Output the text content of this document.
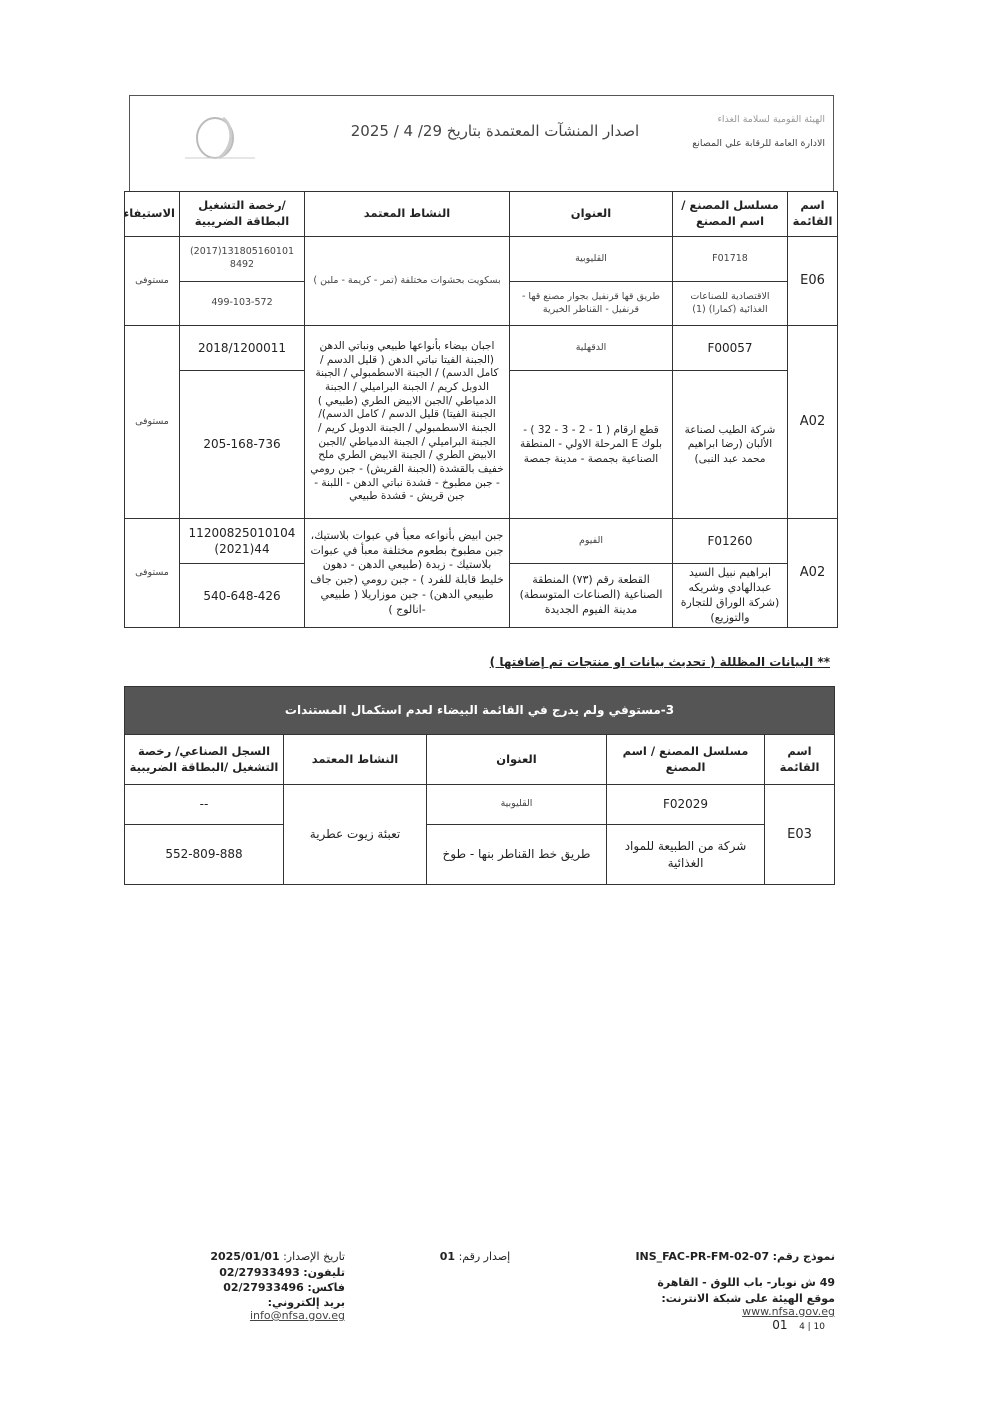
اصدار المنشآت المعتمدة بتاريخ 29/ 4 / 2025
الهيئة القومية لسلامة الغذاء
الادارة العامة للرقابة علي المصانع
اسم القائمة	مسلسل المصنع / اسم المصنع	العنوان	النشاط المعتمد	/رخصة التشغيل البطاقة الضريبية	الاستيفاء
E06	F01718	القليوبية	بسكويت بحشوات مختلفة (تمر - كريمة - ملبن )	(2017)131805160101 8492	مستوفى
	الاقتصادية للصناعات الغذائية (كمارا) (1)	طريق قها قرنفيل بجوار مصنع قها - قرنفيل - القناطر الخيرية		499-103-572	
A02	F00057	الدقهلية	اجبان بيضاء بأنواعها طبيعي ونباتي الدهن (الجبنة الفيتا نباتي الدهن ( قليل الدسم / كامل الدسم) / الجبنة الاسطمبولي / الجبنة الدوبل كريم / الجبنة البراميلي / الجبنة الدمياطي /الجبن الابيض الطري (طبيعي ) الجبنة الفيتا) قليل الدسم / كامل الدسم)/ الجبنة الاسطمبولي / الجبنة الدوبل كريم / الجبنة البراميلي / الجبنة الدمياطي /الجبن الابيض الطري / الجبنة الابيض الطري ملح خفيف بالقشدة (الجبنة القريش) - جبن رومي - جبن مطبوخ - قشدة نباتي الدهن - اللبنة - جبن قريش - قشدة طبيعي	2018/1200011	مستوفى
	شركة الطيب لصناعة الألبان (رضا ابراهيم محمد عبد النبى)	قطع ارقام ( 1 - 2 - 3 - 32 ) - بلوك E المرحلة الاولي - المنطقة الصناعية بجمصة - مدينة جمصة		205-168-736	
A02	F01260	الفيوم	جبن ابيض بأنواعه معبأ في عبوات بلاستيك، جبن مطبوخ بطعوم مختلفة معبأ في عبوات بلاستيك - زبدة (طبيعي الدهن - دهون خليط قابلة للفرد ) - جبن رومي (جبن جاف طبيعي الدهن) - جبن موزاريلا ( طبيعي -انالوج )	11200825010104 (2021)44	مستوفى
	ابراهيم نبيل السيد عبدالهادي وشريكه (شركة الوراق للتجارة والتوزيع)	القطعة رقم (٧٣) المنطقة الصناعية (الصناعات المتوسطة) مدينة الفيوم الجديدة		540-648-426	
** البيانات المظللة ( تحديث بيانات او منتجات تم إضافتها )
3-مستوفي ولم يدرج في القائمة البيضاء لعدم استكمال المستندات				
اسم القائمة	مسلسل المصنع / اسم المصنع	العنوان	النشاط المعتمد	السجل الصناعي/ رخصة التشغيل /البطاقة الضريبية
E03	F02029	القليوبية	تعبئة زيوت عطرية	--
	شركة من الطبيعة للمواد الغذائية	طريق خط القناطر بنها - طوخ		552-809-888
نموذج رقم: INS_FAC-PR-FM-02-07
49 ش نوبار- باب اللوق - القاهرة
موقع الهيئة على شبكة الانترنت: www.nfsa.gov.eg
إصدار رقم: 01
تاريخ الإصدار: 2025/01/01
تليفون: 02/27933493
فاكس: 02/27933496
بريد إلكتروني: info@nfsa.gov.eg
01 4 | 10
